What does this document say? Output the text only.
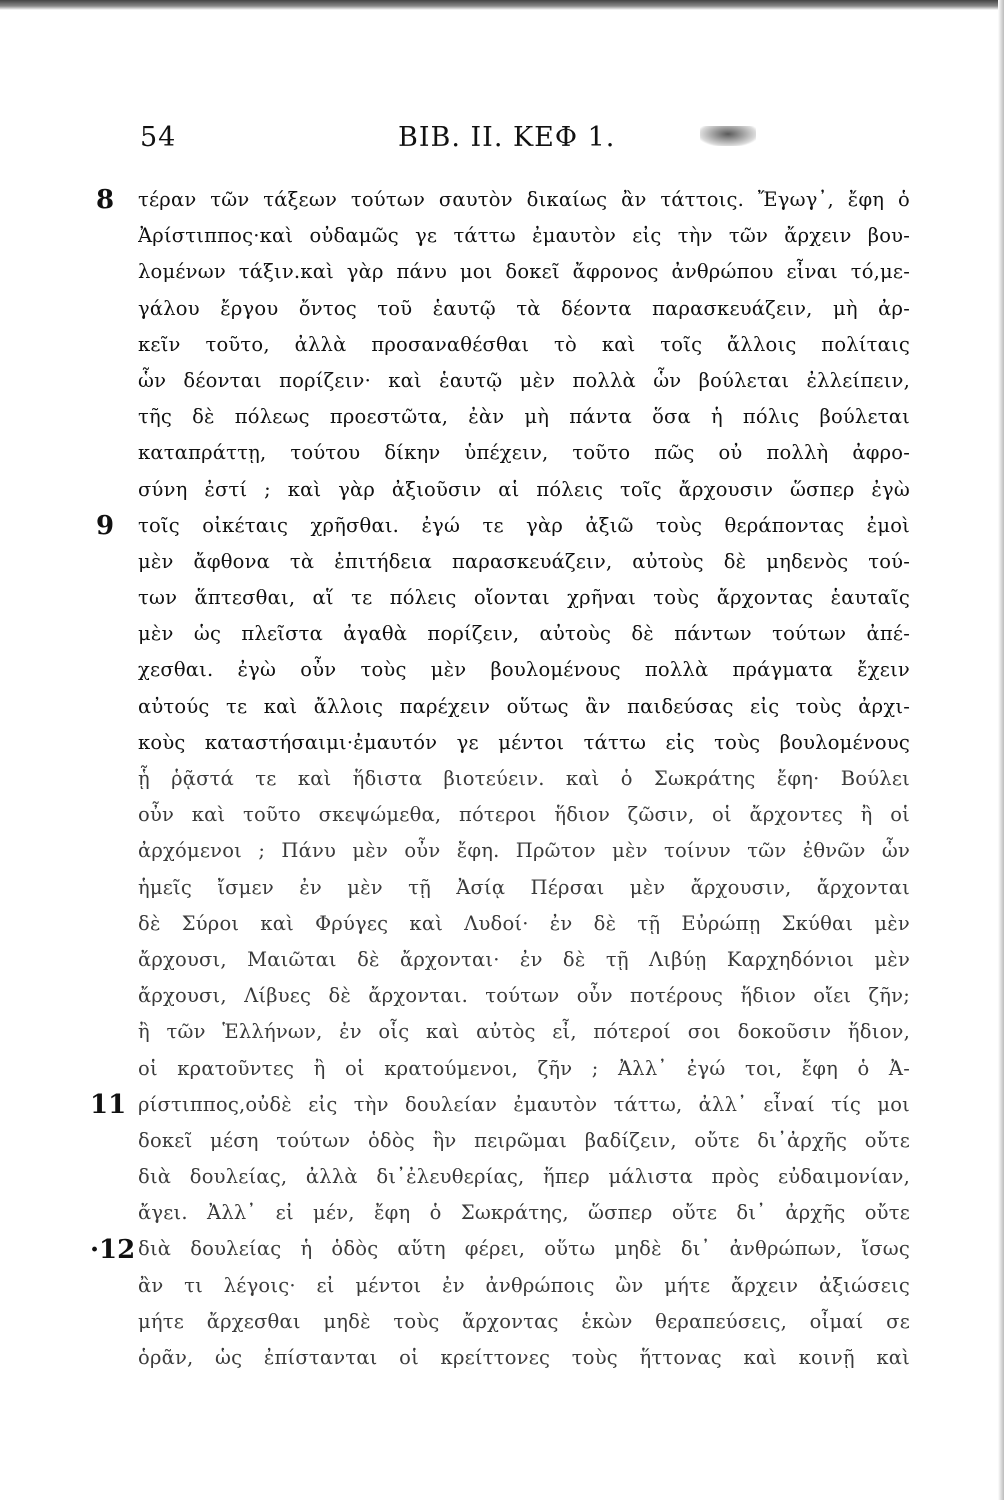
54	ΒΙΒ. II. ΚΕΦ 1.
8
9
11
·12
τέραν τῶν τάξεων τούτων σαυτὸν δικαίως ἂν τάττοις. Ἔγωγ᾽, ἔφη ὁ
Ἀρίστιππος·καὶ οὐδαμῶς γε τάττω ἐμαυτὸν εἰς τὴν τῶν ἄρχειν βου-
λομένων τάξιν.καὶ γὰρ πάνυ μοι δοκεῖ ἄφρονος ἀνθρώπου εἶναι τό,με-
γάλου ἔργου ὄντος τοῦ ἑαυτῷ τὰ δέοντα παρασκευάζειν, μὴ ἀρ-
κεῖν τοῦτο, ἀλλὰ προσαναθέσθαι τὸ καὶ τοῖς ἄλλοις πολίταις
ὧν δέονται πορίζειν· καὶ ἑαυτῷ μὲν πολλὰ ὧν βούλεται ἐλλείπειν,
τῆς δὲ πόλεως προεστῶτα, ἐὰν μὴ πάντα ὅσα ἡ πόλις βούλεται
καταπράττῃ, τούτου δίκην ὑπέχειν, τοῦτο πῶς οὐ πολλὴ ἀφρο-
σύνη ἐστί ; καὶ γὰρ ἀξιοῦσιν αἱ πόλεις τοῖς ἄρχουσιν ὥσπερ ἐγὼ
τοῖς οἰκέταις χρῆσθαι. ἐγώ τε γὰρ ἀξιῶ τοὺς θεράποντας ἐμοὶ
μὲν ἄφθονα τὰ ἐπιτήδεια παρασκευάζειν, αὐτοὺς δὲ μηδενὸς τού-
των ἅπτεσθαι, αἵ τε πόλεις οἴονται χρῆναι τοὺς ἄρχοντας ἑαυταῖς
μὲν ὡς πλεῖστα ἀγαθὰ πορίζειν, αὐτοὺς δὲ πάντων τούτων ἀπέ-
χεσθαι. ἐγὼ οὖν τοὺς μὲν βουλομένους πολλὰ πράγματα ἔχειν
αὐτούς τε καὶ ἄλλοις παρέχειν οὕτως ἂν παιδεύσας εἰς τοὺς ἀρχι-
κοὺς καταστήσαιμι·ἐμαυτόν γε μέντοι τάττω εἰς τοὺς βουλομένους
ᾗ ῥᾷστά τε καὶ ἥδιστα βιοτεύειν. καὶ ὁ Σωκράτης ἔφη· Βούλει
οὖν καὶ τοῦτο σκεψώμεθα, πότεροι ἥδιον ζῶσιν, οἱ ἄρχοντες ἢ οἱ
ἀρχόμενοι ; Πάνυ μὲν οὖν ἔφη. Πρῶτον μὲν τοίνυν τῶν ἐθνῶν ὧν
ἡμεῖς ἴσμεν ἐν μὲν τῇ Ἀσίᾳ Πέρσαι μὲν ἄρχουσιν, ἄρχονται
δὲ Σύροι καὶ Φρύγες καὶ Λυδοί· ἐν δὲ τῇ Εὐρώπῃ Σκύθαι μὲν
ἄρχουσι, Μαιῶται δὲ ἄρχονται· ἐν δὲ τῇ Λιβύῃ Καρχηδόνιοι μὲν
ἄρχουσι, Λίβυες δὲ ἄρχονται. τούτων οὖν ποτέρους ἥδιον οἴει ζῆν;
ἢ τῶν Ἑλλήνων, ἐν οἷς καὶ αὐτὸς εἶ, πότεροί σοι δοκοῦσιν ἥδιον,
οἱ κρατοῦντες ἢ οἱ κρατούμενοι, ζῆν ; Ἀλλ᾽ ἐγώ τοι, ἔφη ὁ Ἀ-
ρίστιππος,οὐδὲ εἰς τὴν δουλείαν ἐμαυτὸν τάττω, ἀλλ᾽ εἶναί τίς μοι
δοκεῖ μέση τούτων ὁδὸς ἣν πειρῶμαι βαδίζειν, οὔτε δι᾽ἀρχῆς οὔτε
διὰ δουλείας, ἀλλὰ δι᾽ἐλευθερίας, ἥπερ μάλιστα πρὸς εὐδαιμονίαν,
ἄγει. Ἀλλ᾽ εἰ μέν, ἔφη ὁ Σωκράτης, ὥσπερ οὔτε δι᾽ ἀρχῆς οὔτε
διὰ δουλείας ἡ ὁδὸς αὕτη φέρει, οὕτω μηδὲ δι᾽ ἀνθρώπων, ἴσως
ἂν τι λέγοις· εἰ μέντοι ἐν ἀνθρώποις ὢν μήτε ἄρχειν ἀξιώσεις
μήτε ἄρχεσθαι μηδὲ τοὺς ἄρχοντας ἑκὼν θεραπεύσεις, οἶμαί σε
ὁρᾶν, ὡς ἐπίστανται οἱ κρείττονες τοὺς ἥττονας καὶ κοινῇ καὶ
